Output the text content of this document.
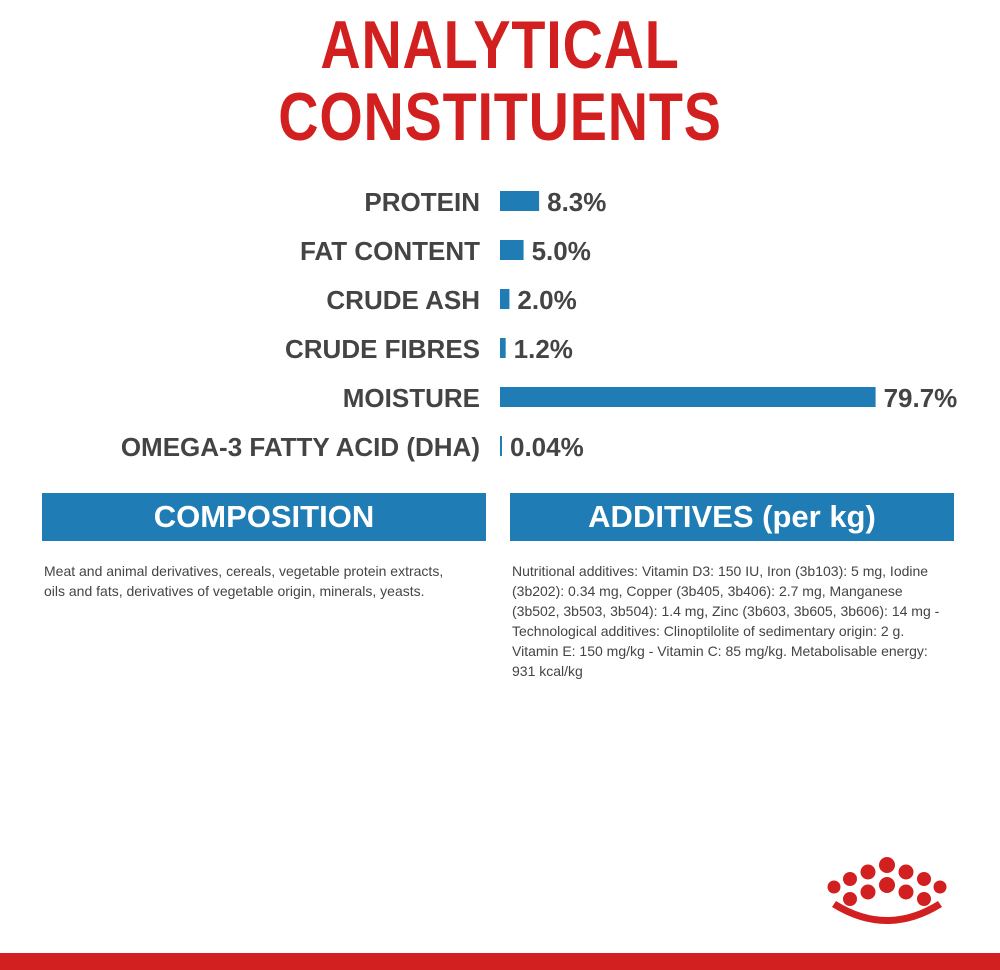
ANALYTICAL
CONSTITUENTS
PROTEIN	8.3%
FAT CONTENT 5.0%
CRUDE ASH 2.0%
CRUDE FIBRES 1.2%
MOISTURE	79.7%
OMEGA-3 FATTY ACID (DHA) 0.04%
COMPOSITION	ADDITIVES (per kg)
Meat and animal derivatives, cereals, vegetable protein extracts, oils and fats, derivatives of vegetable origin, minerals, yeasts.
Nutritional additives: Vitamin D3: 150 IU, Iron (3b103): 5 mg, Iodine (3b202): 0.34 mg, Copper (3b405, 3b406): 2.7 mg, Manganese (3b502, 3b503, 3b504): 1.4 mg, Zinc (3b603, 3b605, 3b606): 14 mg - Technological additives: Clinoptilolite of sedimentary origin: 2 g. Vitamin E: 150 mg/kg - Vitamin C: 85 mg/kg. Metabolisable energy: 931 kcal/kg
